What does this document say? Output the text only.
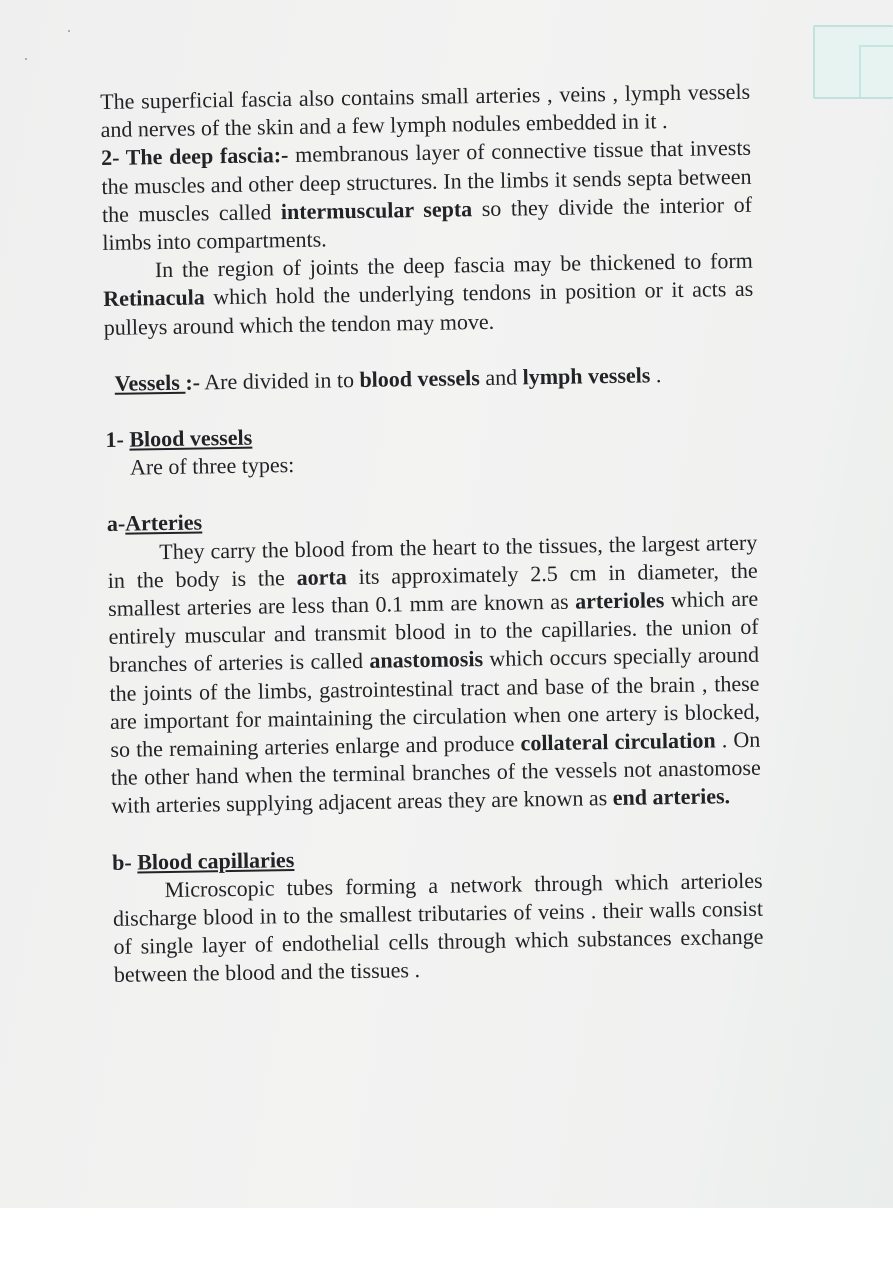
The superficial fascia also contains small arteries , veins , lymph vessels and nerves of the skin and a few lymph nodules embedded in it .

2- The deep fascia:- membranous layer of connective tissue that invests the muscles and other deep structures. In the limbs it sends septa between the muscles called intermuscular septa so they divide the interior of limbs into compartments.

In the region of joints the deep fascia may be thickened to form Retinacula which hold the underlying tendons in position or it acts as pulleys around which the tendon may move.

Vessels :- Are divided in to blood vessels and lymph vessels .

1- Blood vessels

Are of three types:

a-Arteries

They carry the blood from the heart to the tissues, the largest artery in the body is the aorta its approximately 2.5 cm in diameter, the smallest arteries are less than 0.1 mm are known as arterioles which are entirely muscular and transmit blood in to the capillaries. the union of branches of arteries is called anastomosis which occurs specially around the joints of the limbs, gastrointestinal tract and base of the brain , these are important for maintaining the circulation when one artery is blocked, so the remaining arteries enlarge and produce collateral circulation . On the other hand when the terminal branches of the vessels not anastomose with arteries supplying adjacent areas they are known as end arteries.

b- Blood capillaries

Microscopic tubes forming a network through which arterioles discharge blood in to the smallest tributaries of veins . their walls consist of single layer of endothelial cells through which substances exchange between the blood and the tissues .
